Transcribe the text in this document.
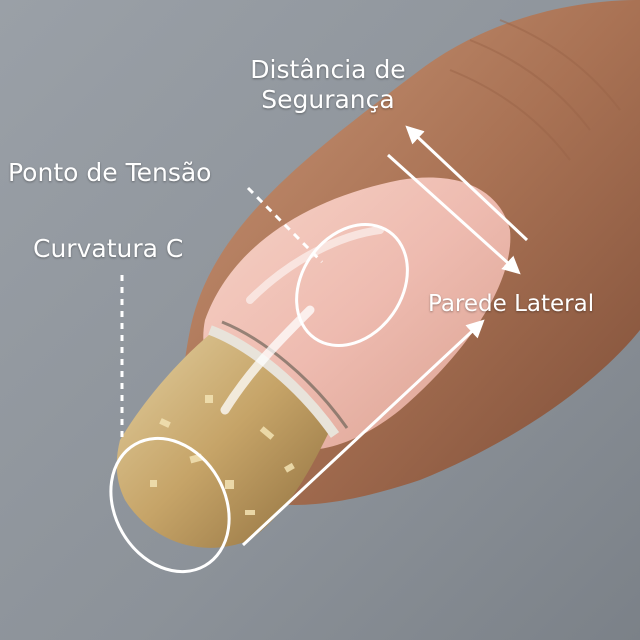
Distância de
Segurança
Ponto de Tensão
Curvatura C
Parede Lateral
